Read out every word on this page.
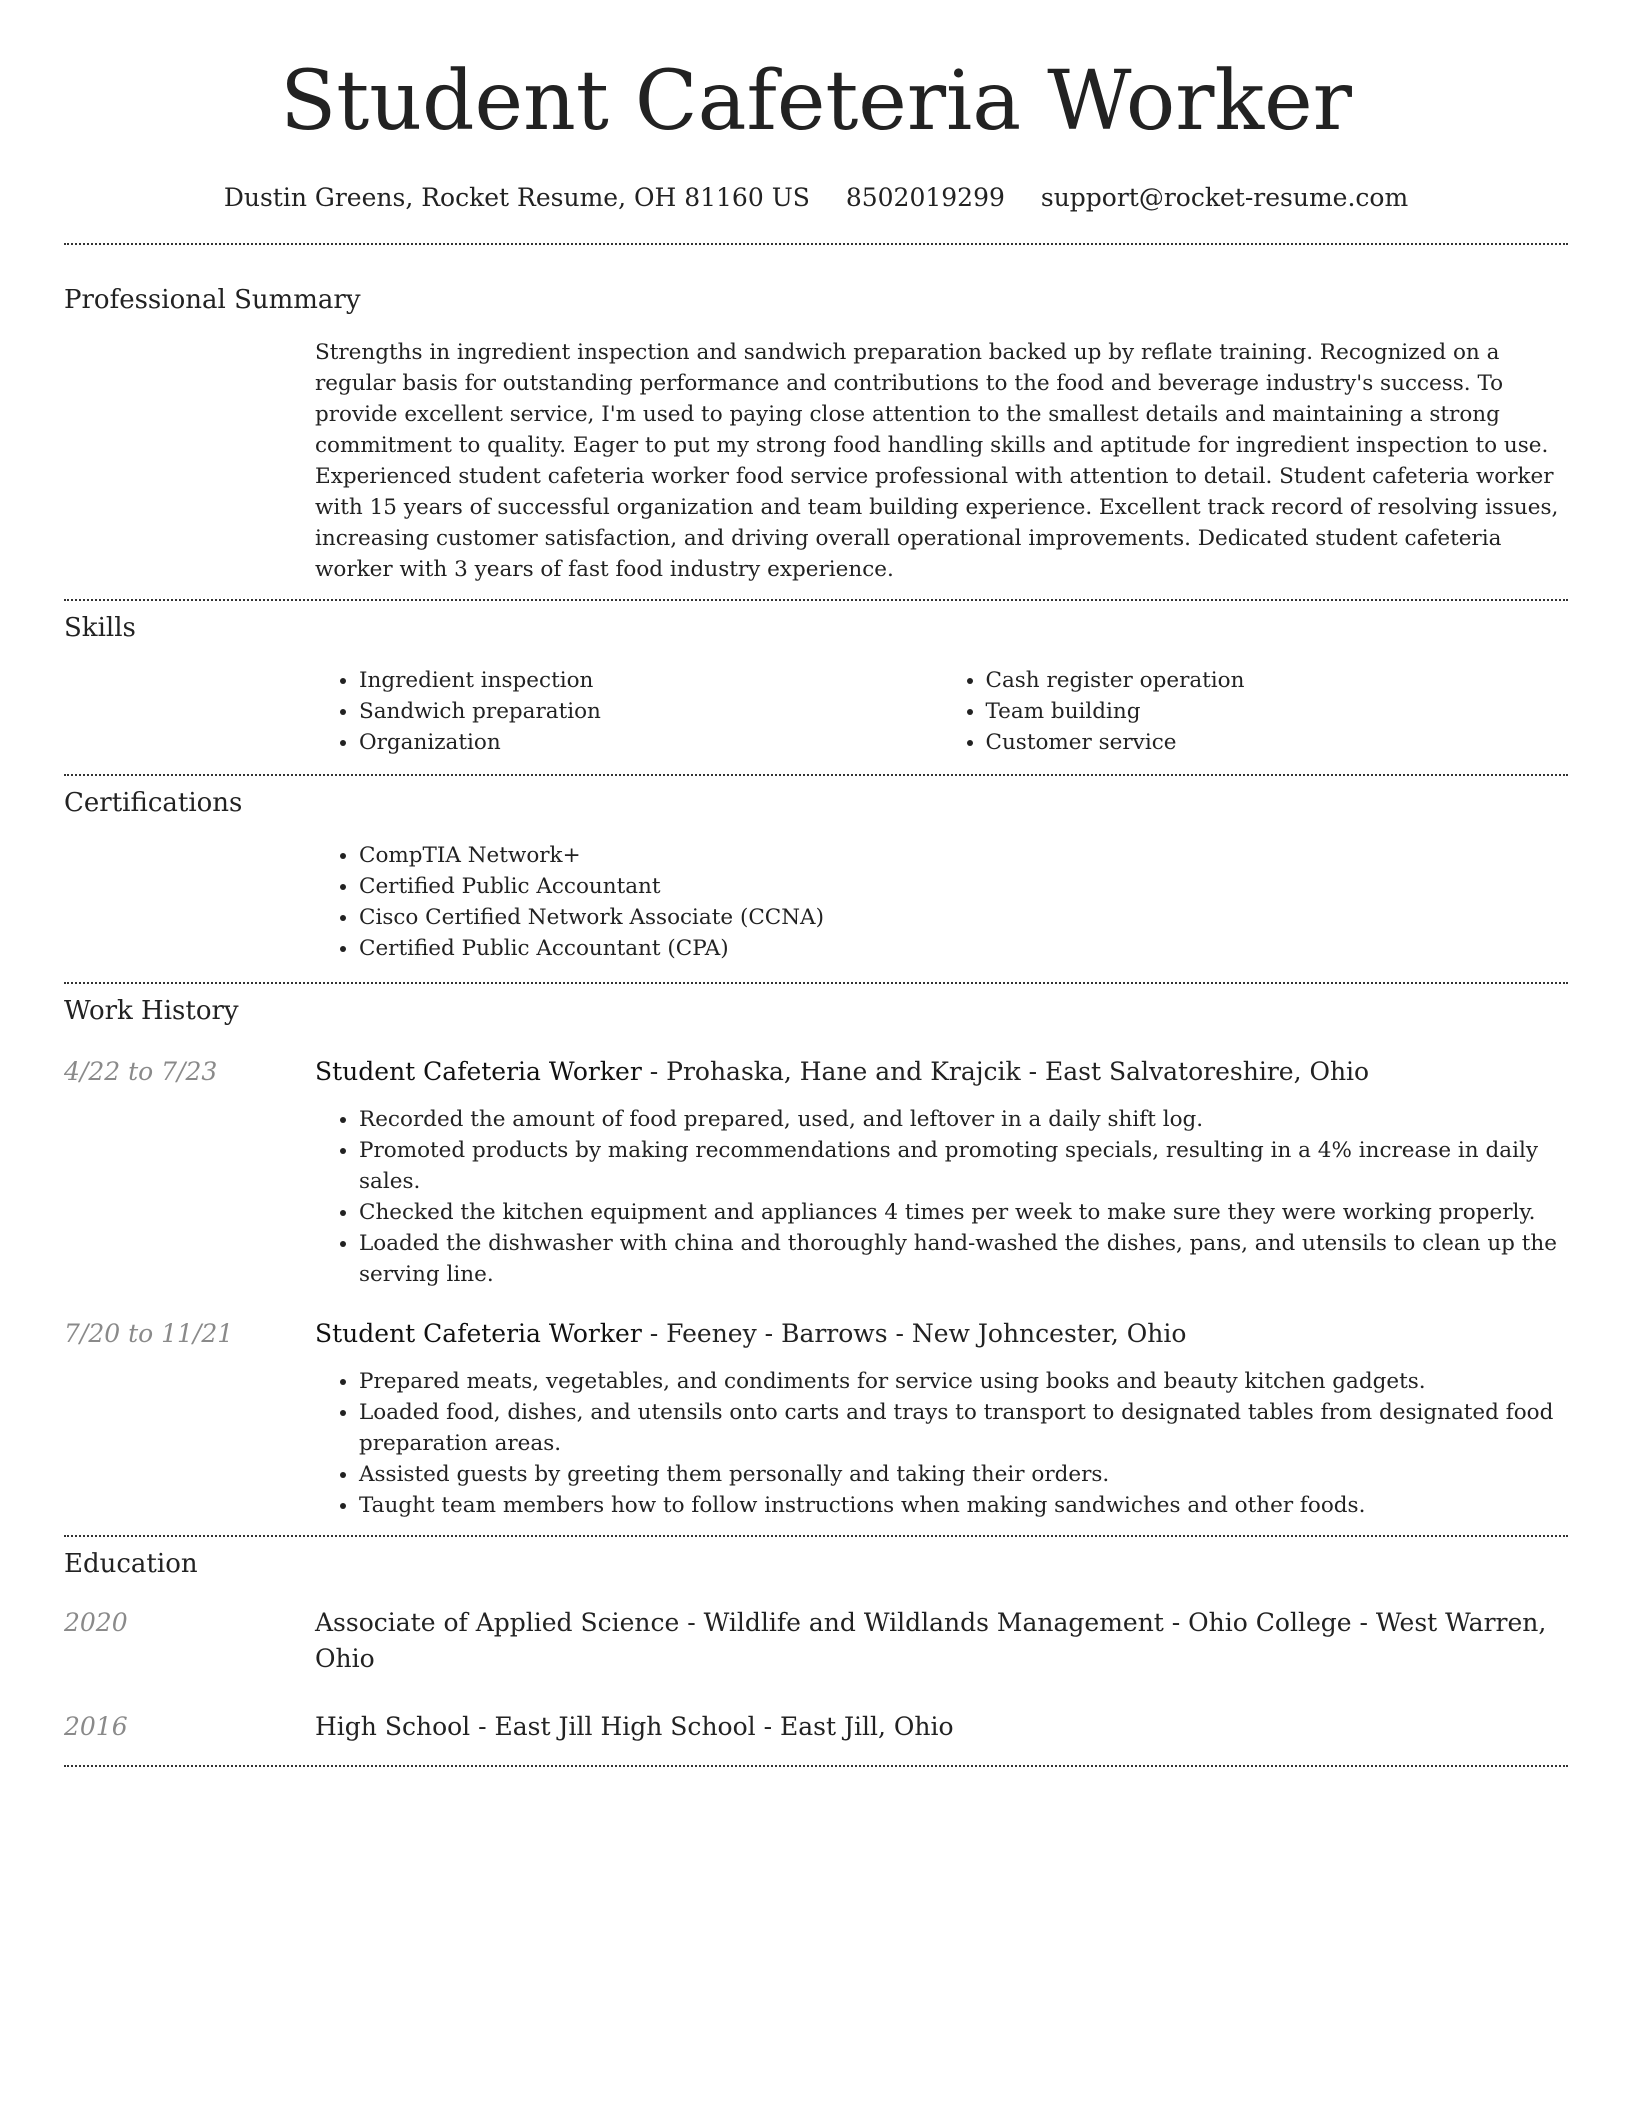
Student Cafeteria Worker
Dustin Greens, Rocket Resume, OH 81160 US 8502019299 support@rocket-resume.com
Professional Summary

Strengths in ingredient inspection and sandwich preparation backed up by reflate training. Recognized on a regular basis for outstanding performance and contributions to the food and beverage industry's success. To provide excellent service, I'm used to paying close attention to the smallest details and maintaining a strong commitment to quality. Eager to put my strong food handling skills and aptitude for ingredient inspection to use. Experienced student cafeteria worker food service professional with attention to detail. Student cafeteria worker with 15 years of successful organization and team building experience. Excellent track record of resolving issues, increasing customer satisfaction, and driving overall operational improvements. Dedicated student cafeteria worker with 3 years of fast food industry experience.

Skills
• Ingredient inspection
• Sandwich preparation
• Organization
• Cash register operation
• Team building
• Customer service
Certifications
• CompTIA Network+
• Certified Public Accountant
• Cisco Certified Network Associate (CCNA)
• Certified Public Accountant (CPA)
Work History
4/22 to 7/23	Student Cafeteria Worker - Prohaska, Hane and Krajcik - East Salvatoreshire, Ohio

• Recorded the amount of food prepared, used, and leftover in a daily shift log.
• Promoted products by making recommendations and promoting specials, resulting in a 4% increase in daily sales.
• Checked the kitchen equipment and appliances 4 times per week to make sure they were working properly.
• Loaded the dishwasher with china and thoroughly hand-washed the dishes, pans, and utensils to clean up the serving line.
7/20 to 11/21	Student Cafeteria Worker - Feeney - Barrows - New Johncester, Ohio

• Prepared meats, vegetables, and condiments for service using books and beauty kitchen gadgets.
• Loaded food, dishes, and utensils onto carts and trays to transport to designated tables from designated food preparation areas.
• Assisted guests by greeting them personally and taking their orders.
• Taught team members how to follow instructions when making sandwiches and other foods.
Education

2020	Associate of Applied Science - Wildlife and Wildlands Management - Ohio College - West Warren, Ohio

2016	High School - East Jill High School - East Jill, Ohio
